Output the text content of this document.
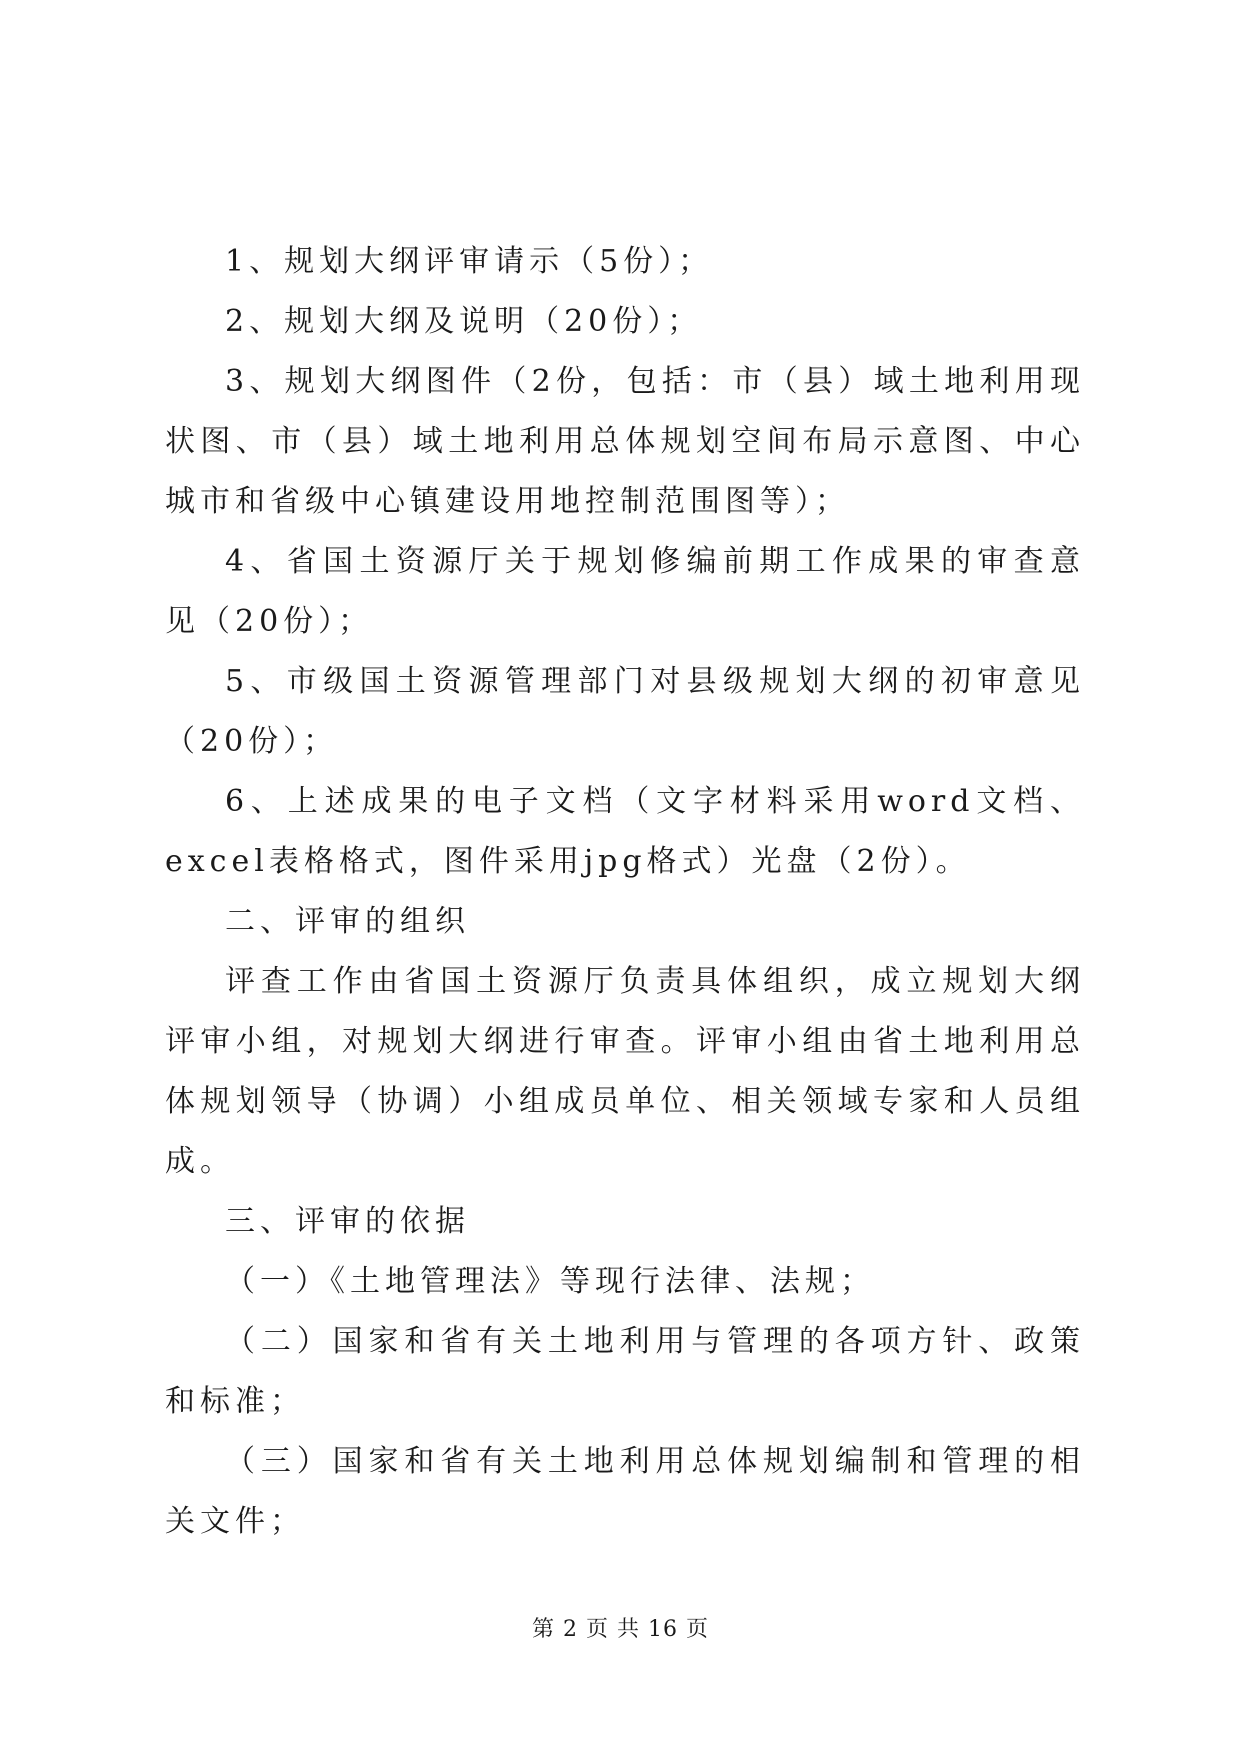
1、规划大纲评审请示（5份）；

2、规划大纲及说明（20份）；

3、规划大纲图件（2份，包括：市（县）域土地利用现状图、市（县）域土地利用总体规划空间布局示意图、中心城市和省级中心镇建设用地控制范围图等）；

4、省国土资源厅关于规划修编前期工作成果的审查意见（20份）；

5、市级国土资源管理部门对县级规划大纲的初审意见（20份）；

6、上述成果的电子文档（文字材料采用word文档、excel表格格式，图件采用jpg格式）光盘（2份）。

二、评审的组织

评查工作由省国土资源厅负责具体组织，成立规划大纲评审小组，对规划大纲进行审查。评审小组由省土地利用总体规划领导（协调）小组成员单位、相关领域专家和人员组成。

三、评审的依据

（一）《土地管理法》等现行法律、法规；

（二）国家和省有关土地利用与管理的各项方针、政策和标准；

（三）国家和省有关土地利用总体规划编制和管理的相关文件；

第 2 页 共 16 页
